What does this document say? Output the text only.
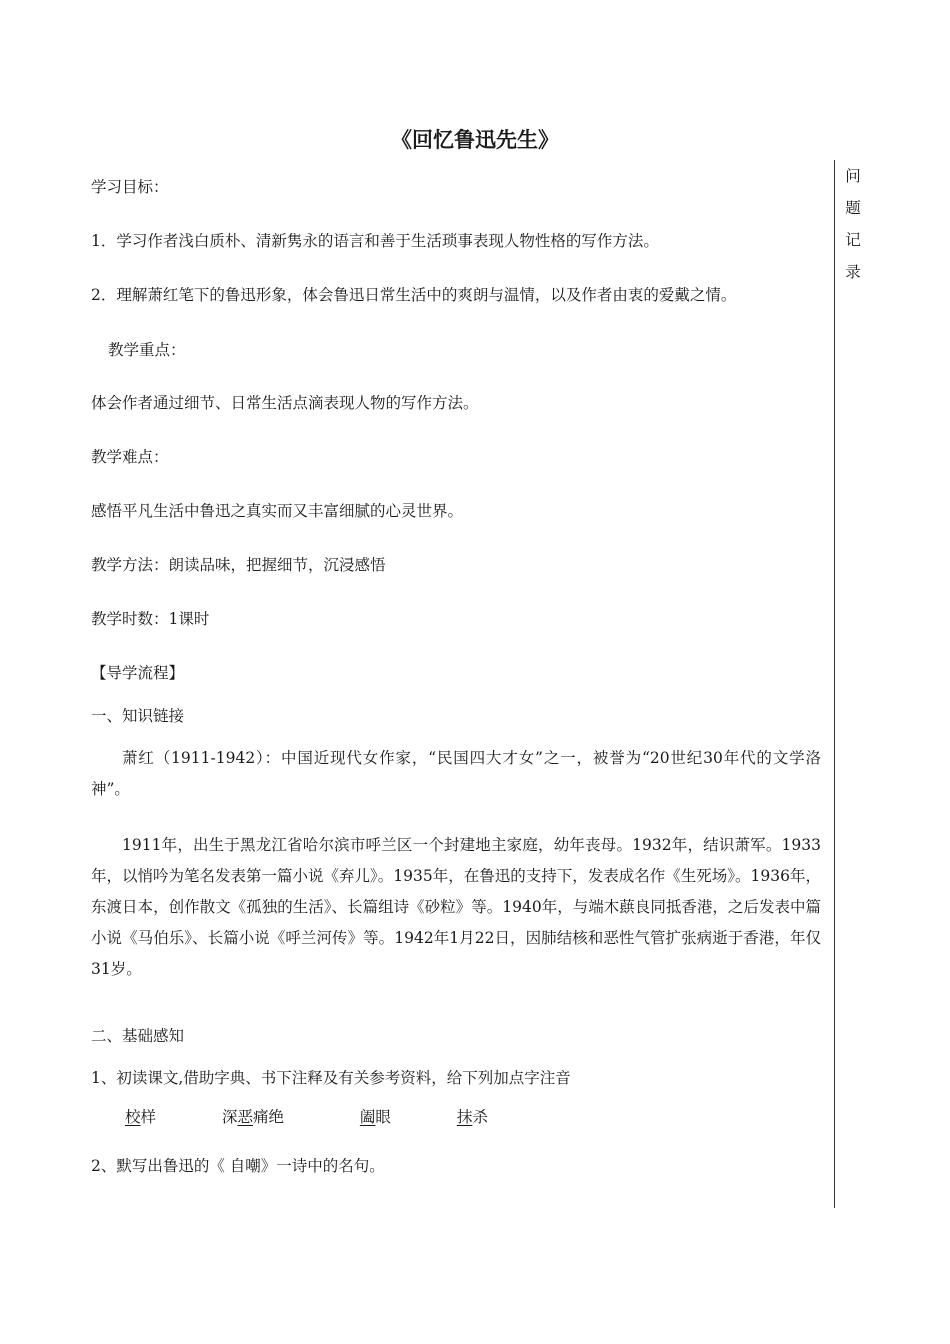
《回忆鲁迅先生》
问
题
记
录

学习目标：

1．学习作者浅白质朴、清新隽永的语言和善于生活琐事表现人物性格的写作方法。

2．理解萧红笔下的鲁迅形象，体会鲁迅日常生活中的爽朗与温情，以及作者由衷的爱戴之情。

教学重点：

体会作者通过细节、日常生活点滴表现人物的写作方法。

教学难点：

感悟平凡生活中鲁迅之真实而又丰富细腻的心灵世界。

教学方法：朗读品味，把握细节，沉浸感悟

教学时数：1课时

【导学流程】

一、知识链接

萧红（1911-1942）：中国近现代女作家，“民国四大才女”之一，被誉为“20世纪30年代的文学洛神”。

1911年，出生于黑龙江省哈尔滨市呼兰区一个封建地主家庭，幼年丧母。1932年，结识萧军。1933年，以悄吟为笔名发表第一篇小说《弃儿》。1935年，在鲁迅的支持下，发表成名作《生死场》。1936年，东渡日本，创作散文《孤独的生活》、长篇组诗《砂粒》等。1940年，与端木蕻良同抵香港，之后发表中篇小说《马伯乐》、长篇小说《呼兰河传》等。1942年1月22日，因肺结核和恶性气管扩张病逝于香港，年仅31岁。

二、基础感知

1、初读课文,借助字典、书下注释及有关参考资料，给下列加点字注音

校样	深恶痛绝	阖眼	抹杀

2、默写出鲁迅的《 自嘲》一诗中的名句。
